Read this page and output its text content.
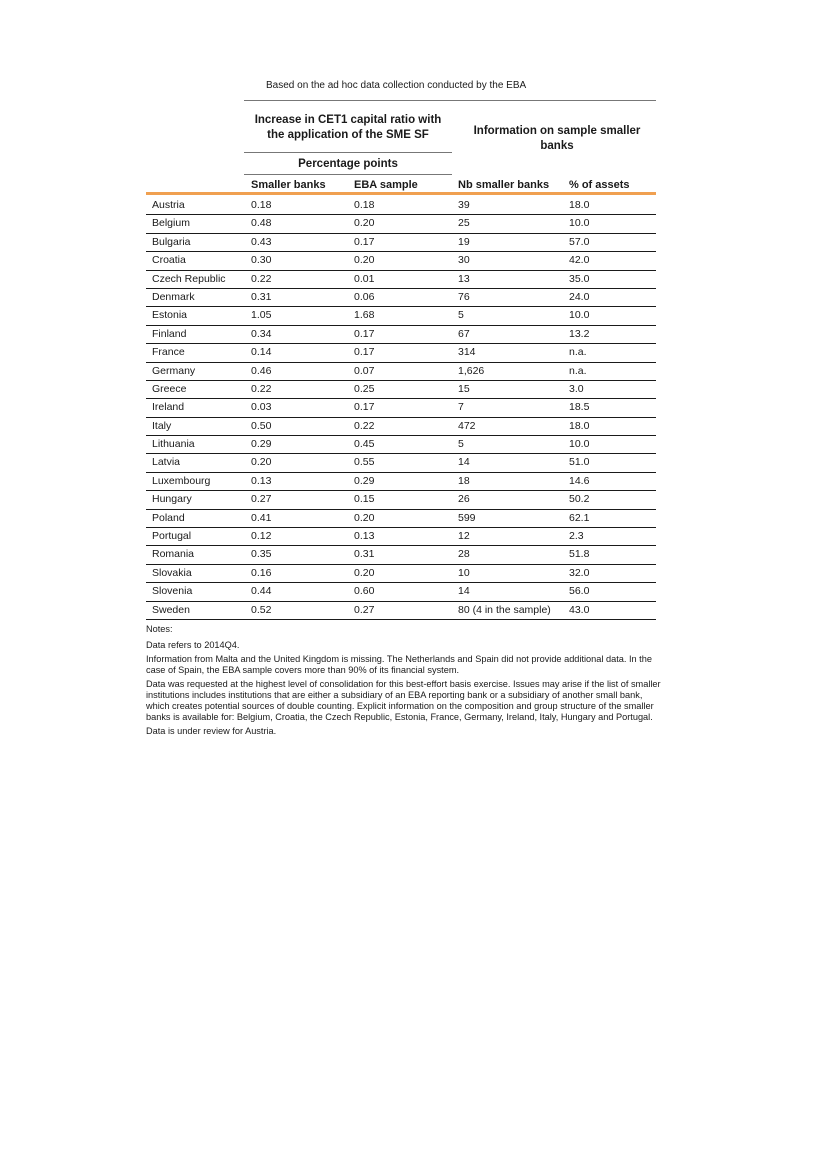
Based on the ad hoc data collection conducted by the EBA
Increase in CET1 capital ratio with
the application of the SME SF	Information on sample smaller
banks
Percentage points
Smaller banks	EBA sample	Nb smaller banks % of assets
Austria	0.18	0.18	39	18.0
Belgium	0.48	0.20	25	10.0
Bulgaria	0.43	0.17	19	57.0
Croatia	0.30	0.20	30	42.0
Czech Republic 0.22	0.01	13	35.0
Denmark	0.31	0.06	76	24.0
Estonia	1.05	1.68	5	10.0
Finland	0.34	0.17	67	13.2
France	0.14	0.17	314	n.a.
Germany	0.46	0.07	1,626	n.a.
Greece	0.22	0.25	15	3.0
Ireland	0.03	0.17	7	18.5
Italy	0.50	0.22	472	18.0
Lithuania	0.29	0.45	5	10.0
Latvia	0.20	0.55	14	51.0
Luxembourg	0.13	0.29	18	14.6
Hungary	0.27	0.15	26	50.2
Poland	0.41	0.20	599	62.1
Portugal	0.12	0.13	12	2.3
Romania	0.35	0.31	28	51.8
Slovakia	0.16	0.20	10	32.0
Slovenia	0.44	0.60	14	56.0
Sweden	0.52	0.27	80 (4 in the sample) 43.0

Notes:

Data refers to 2014Q4.

Information from Malta and the United Kingdom is missing. The Netherlands and Spain did not provide additional data. In the case of Spain, the EBA sample covers more than 90% of its financial system.

Data was requested at the highest level of consolidation for this best-effort basis exercise. Issues may arise if the list of smaller institutions includes institutions that are either a subsidiary of an EBA reporting bank or a subsidiary of another small bank, which creates potential sources of double counting. Explicit information on the composition and group structure of the smaller banks is available for: Belgium, Croatia, the Czech Republic, Estonia, France, Germany, Ireland, Italy, Hungary and Portugal.

Data is under review for Austria.
